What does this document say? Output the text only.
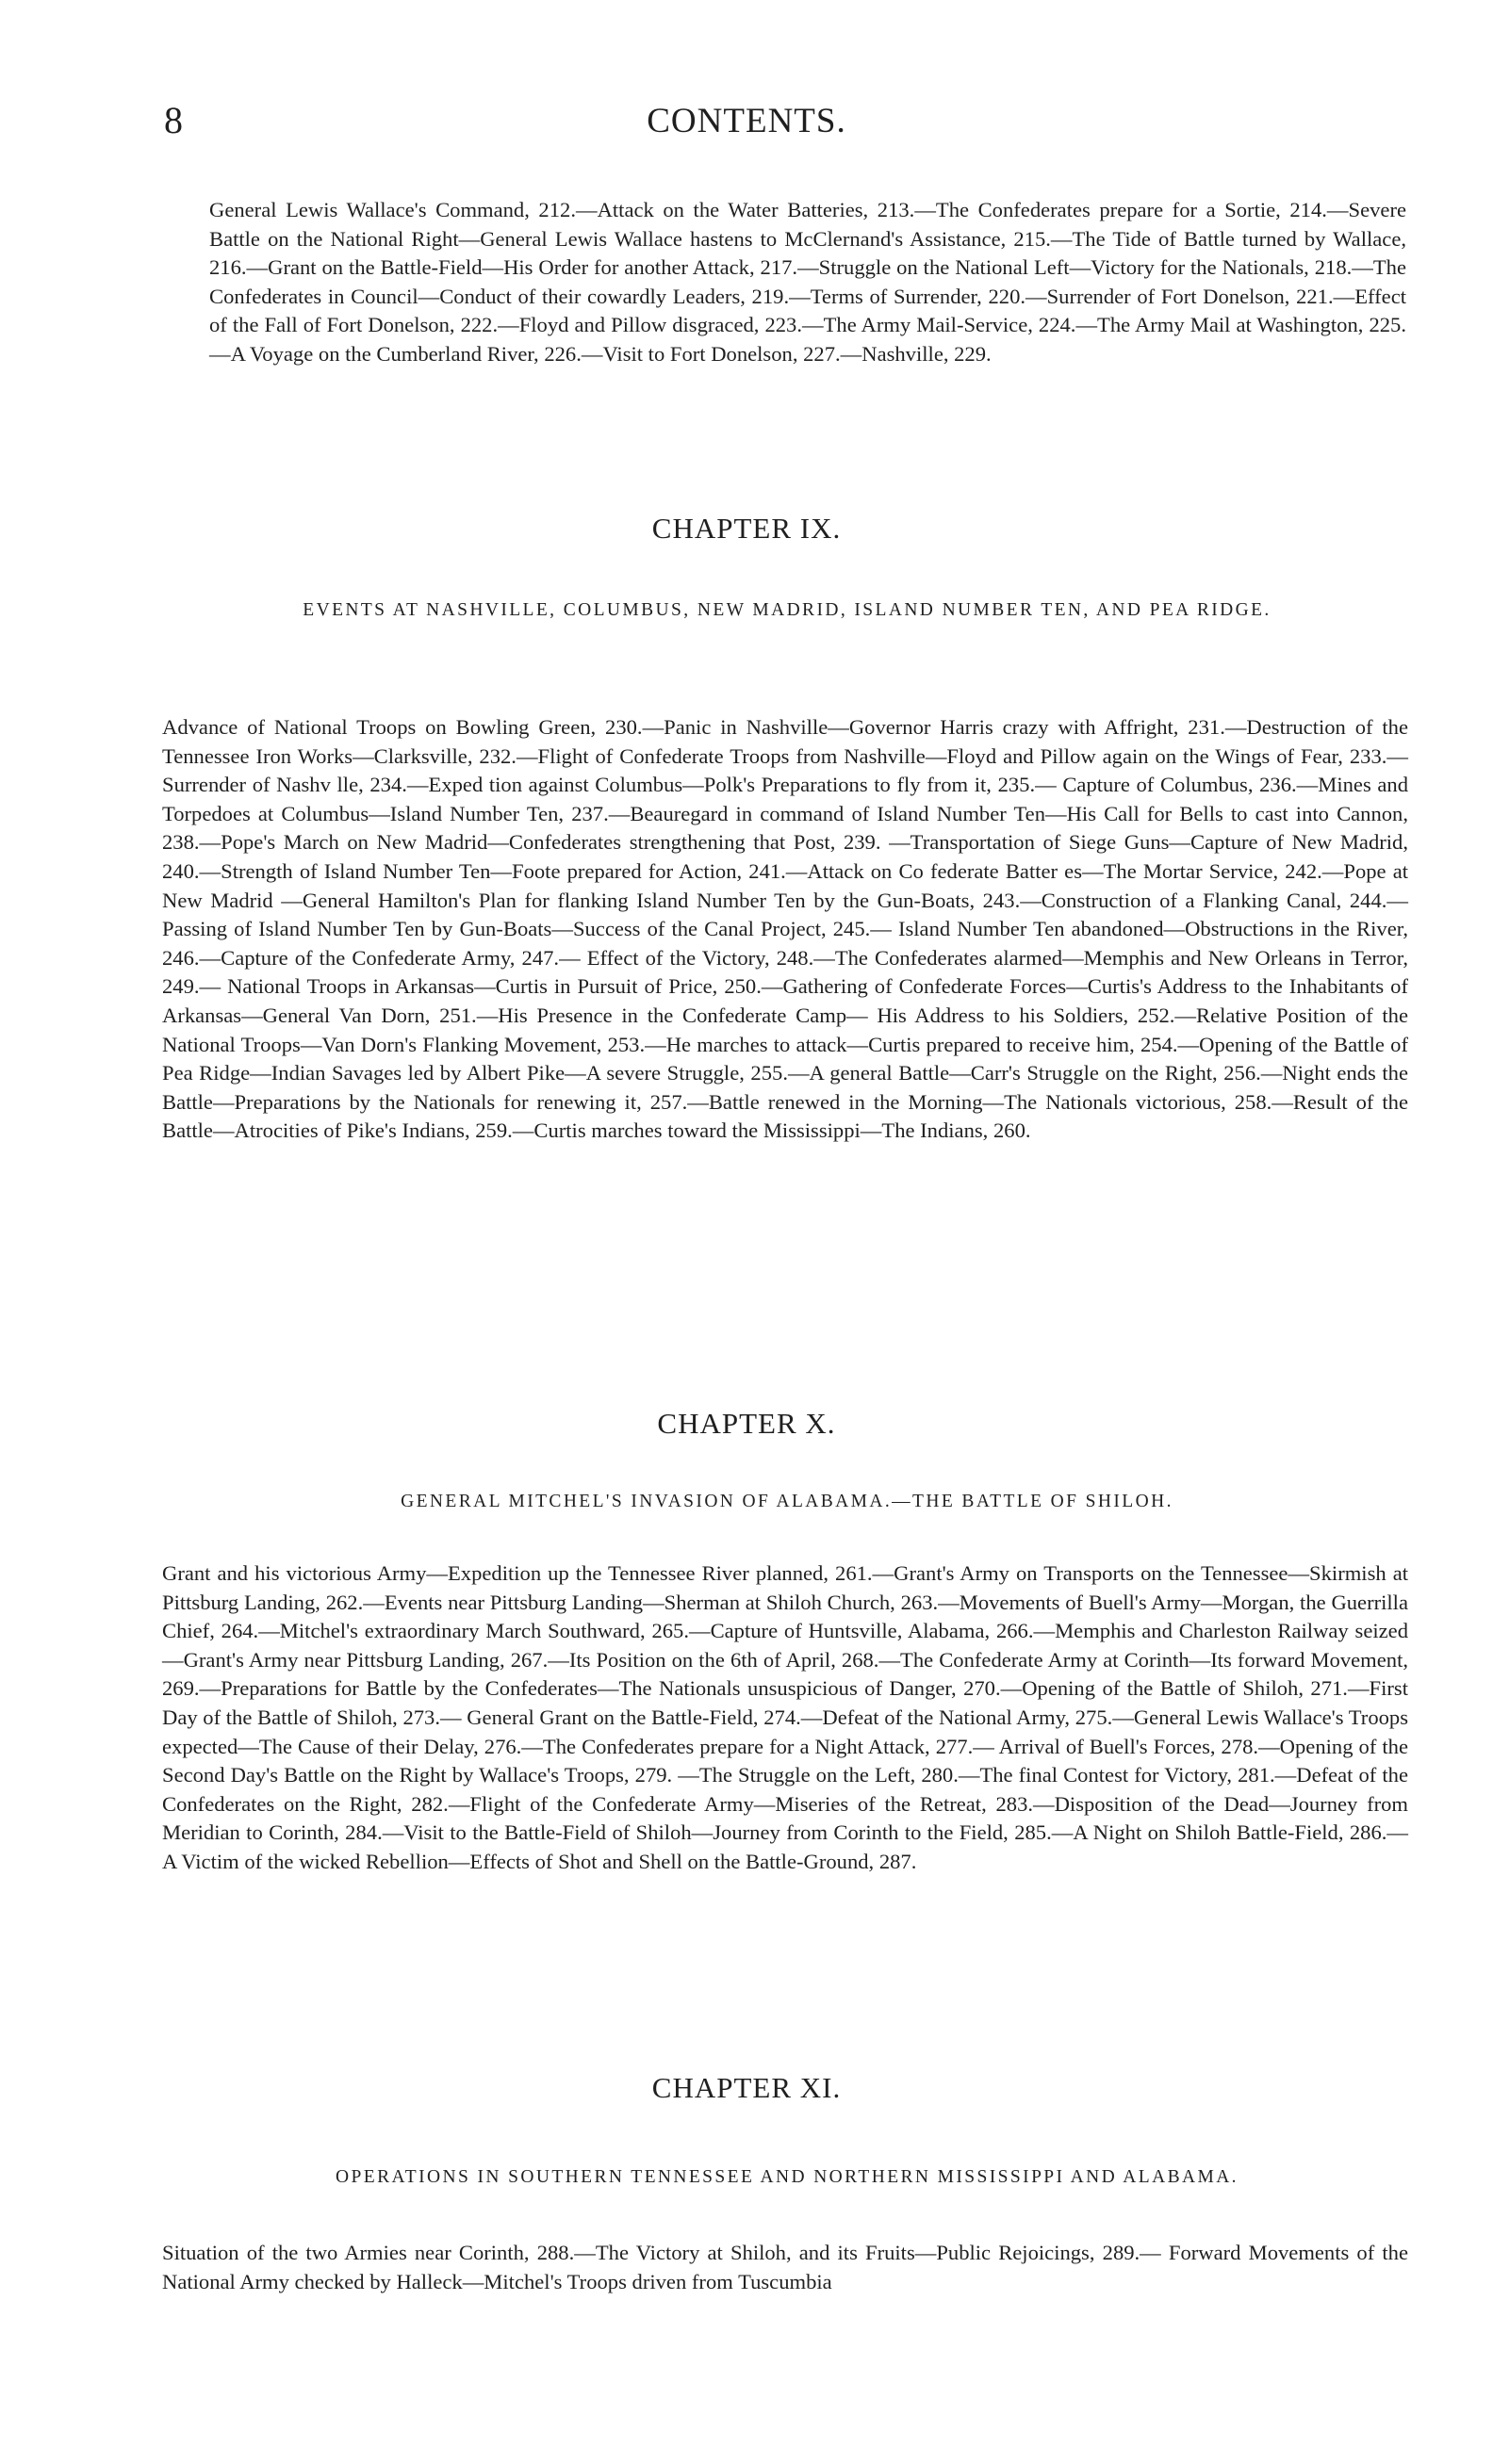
8	CONTENTS.

General Lewis Wallace's Command, 212.—Attack on the Water Batteries, 213.—The Confederates prepare for a Sortie, 214.—Severe Battle on the National Right—General Lewis Wallace hastens to McClernand's Assistance, 215.—The Tide of Battle turned by Wallace, 216.—Grant on the Battle-Field—His Order for another Attack, 217.—Struggle on the National Left—Victory for the Nationals, 218.—The Confederates in Council—Conduct of their cowardly Leaders, 219.—Terms of Surrender, 220.—Surrender of Fort Donelson, 221.—Effect of the Fall of Fort Donelson, 222.—Floyd and Pillow disgraced, 223.—The Army Mail-Service, 224.—The Army Mail at Washington, 225.—A Voyage on the Cumberland River, 226.—Visit to Fort Donelson, 227.—Nashville, 229.

CHAPTER IX.

EVENTS AT NASHVILLE, COLUMBUS, NEW MADRID, ISLAND NUMBER TEN, AND PEA RIDGE.

Advance of National Troops on Bowling Green, 230.—Panic in Nashville—Governor Harris crazy with Affright, 231.—Destruction of the Tennessee Iron Works—Clarksville, 232.—Flight of Confederate Troops from Nashville—Floyd and Pillow again on the Wings of Fear, 233.—Surrender of Nashv lle, 234.—Exped tion against Columbus—Polk's Preparations to fly from it, 235.— Capture of Columbus, 236.—Mines and Torpedoes at Columbus—Island Number Ten, 237.—Beauregard in command of Island Number Ten—His Call for Bells to cast into Cannon, 238.—Pope's March on New Madrid—Confederates strengthening that Post, 239. —Transportation of Siege Guns—Capture of New Madrid, 240.—Strength of Island Number Ten—Foote prepared for Action, 241.—Attack on Co federate Batter es—The Mortar Service, 242.—Pope at New Madrid —General Hamilton's Plan for flanking Island Number Ten by the Gun-Boats, 243.—Construction of a Flanking Canal, 244.—Passing of Island Number Ten by Gun-Boats—Success of the Canal Project, 245.— Island Number Ten abandoned—Obstructions in the River, 246.—Capture of the Confederate Army, 247.— Effect of the Victory, 248.—The Confederates alarmed—Memphis and New Orleans in Terror, 249.— National Troops in Arkansas—Curtis in Pursuit of Price, 250.—Gathering of Confederate Forces—Curtis's Address to the Inhabitants of Arkansas—General Van Dorn, 251.—His Presence in the Confederate Camp— His Address to his Soldiers, 252.—Relative Position of the National Troops—Van Dorn's Flanking Movement, 253.—He marches to attack—Curtis prepared to receive him, 254.—Opening of the Battle of Pea Ridge—Indian Savages led by Albert Pike—A severe Struggle, 255.—A general Battle—Carr's Struggle on the Right, 256.—Night ends the Battle—Preparations by the Nationals for renewing it, 257.—Battle renewed in the Morning—The Nationals victorious, 258.—Result of the Battle—Atrocities of Pike's Indians, 259.—Curtis marches toward the Mississippi—The Indians, 260.

CHAPTER X.

GENERAL MITCHEL'S INVASION OF ALABAMA.—THE BATTLE OF SHILOH.

Grant and his victorious Army—Expedition up the Tennessee River planned, 261.—Grant's Army on Transports on the Tennessee—Skirmish at Pittsburg Landing, 262.—Events near Pittsburg Landing—Sherman at Shiloh Church, 263.—Movements of Buell's Army—Morgan, the Guerrilla Chief, 264.—Mitchel's extraordinary March Southward, 265.—Capture of Huntsville, Alabama, 266.—Memphis and Charleston Railway seized—Grant's Army near Pittsburg Landing, 267.—Its Position on the 6th of April, 268.—The Confederate Army at Corinth—Its forward Movement, 269.—Preparations for Battle by the Confederates—The Nationals unsuspicious of Danger, 270.—Opening of the Battle of Shiloh, 271.—First Day of the Battle of Shiloh, 273.— General Grant on the Battle-Field, 274.—Defeat of the National Army, 275.—General Lewis Wallace's Troops expected—The Cause of their Delay, 276.—The Confederates prepare for a Night Attack, 277.— Arrival of Buell's Forces, 278.—Opening of the Second Day's Battle on the Right by Wallace's Troops, 279. —The Struggle on the Left, 280.—The final Contest for Victory, 281.—Defeat of the Confederates on the Right, 282.—Flight of the Confederate Army—Miseries of the Retreat, 283.—Disposition of the Dead—Journey from Meridian to Corinth, 284.—Visit to the Battle-Field of Shiloh—Journey from Corinth to the Field, 285.—A Night on Shiloh Battle-Field, 286.—A Victim of the wicked Rebellion—Effects of Shot and Shell on the Battle-Ground, 287.

CHAPTER XI.

OPERATIONS IN SOUTHERN TENNESSEE AND NORTHERN MISSISSIPPI AND ALABAMA.

Situation of the two Armies near Corinth, 288.—The Victory at Shiloh, and its Fruits—Public Rejoicings, 289.— Forward Movements of the National Army checked by Halleck—Mitchel's Troops driven from Tuscumbia
